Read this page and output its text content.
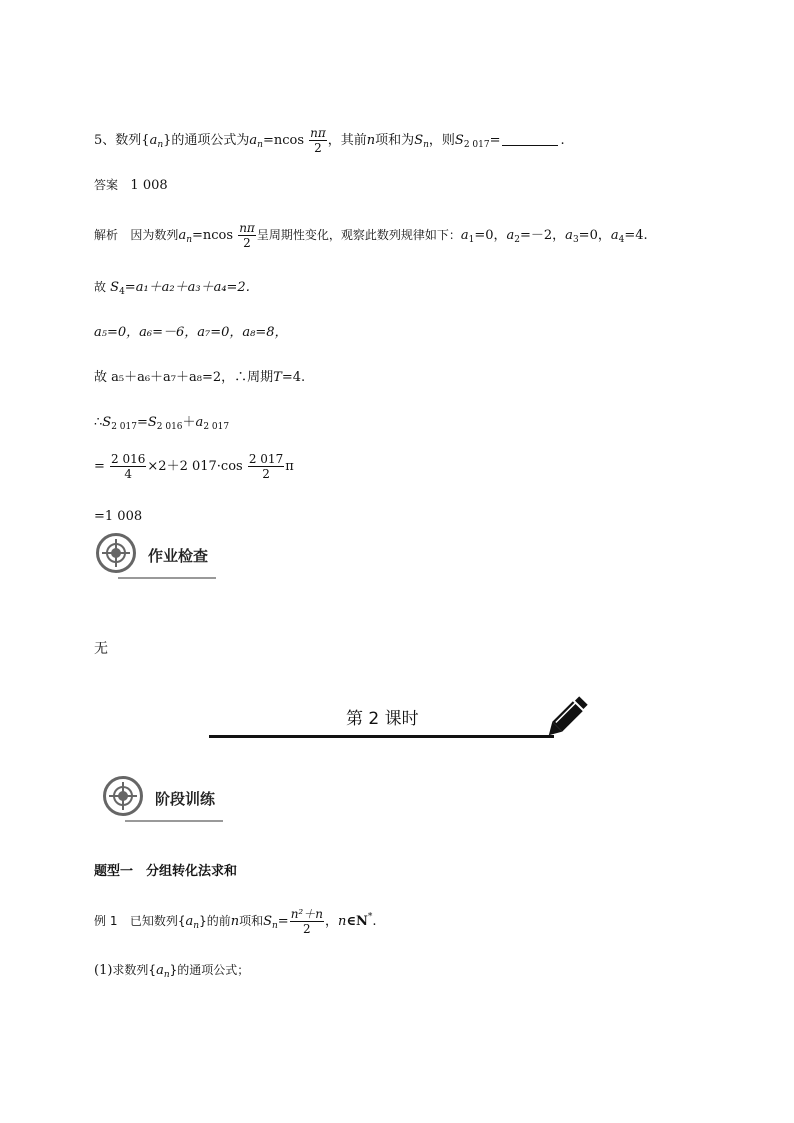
5、数列$\{a_n\}$的通项公式为$a_n=ncos \frac{n\pi}{2}$ ，其前n项和为$S_n$，则$S_{2 017}=$	.
答案 1 008
解析 因为数列$a_n=ncos \frac{n\pi}{2}$ 呈周期性变化，观察此数列规律如下：$a_1=0$，$a_2=-2$，$a_3=0$，$a_4=4$.
故 $S_4=a_1+a_2+a_3+a_4=2$.
a₅=0，a₆=－6，a₇=0，a₈=8，
故 a₅＋a₆＋a₇＋a₈=2，∴周期T=4.
$\therefore S_{2 017}=S_{2 016}+a_{2 017}$
= $\frac{2 016}{4} \times 2+2$ $017\cdot\cos \frac{2 017}{2}$ π
=1 008
作业检查
无
第 2 课时
阶段训练
题型一　分组转化法求和
例 1 已知数列$\{a_n\}$的前n项和$S_n= \frac{\text{n²＋n}}{2}$ ，n∈N*.
(1)求数列$\{a_n\}$的通项公式；
